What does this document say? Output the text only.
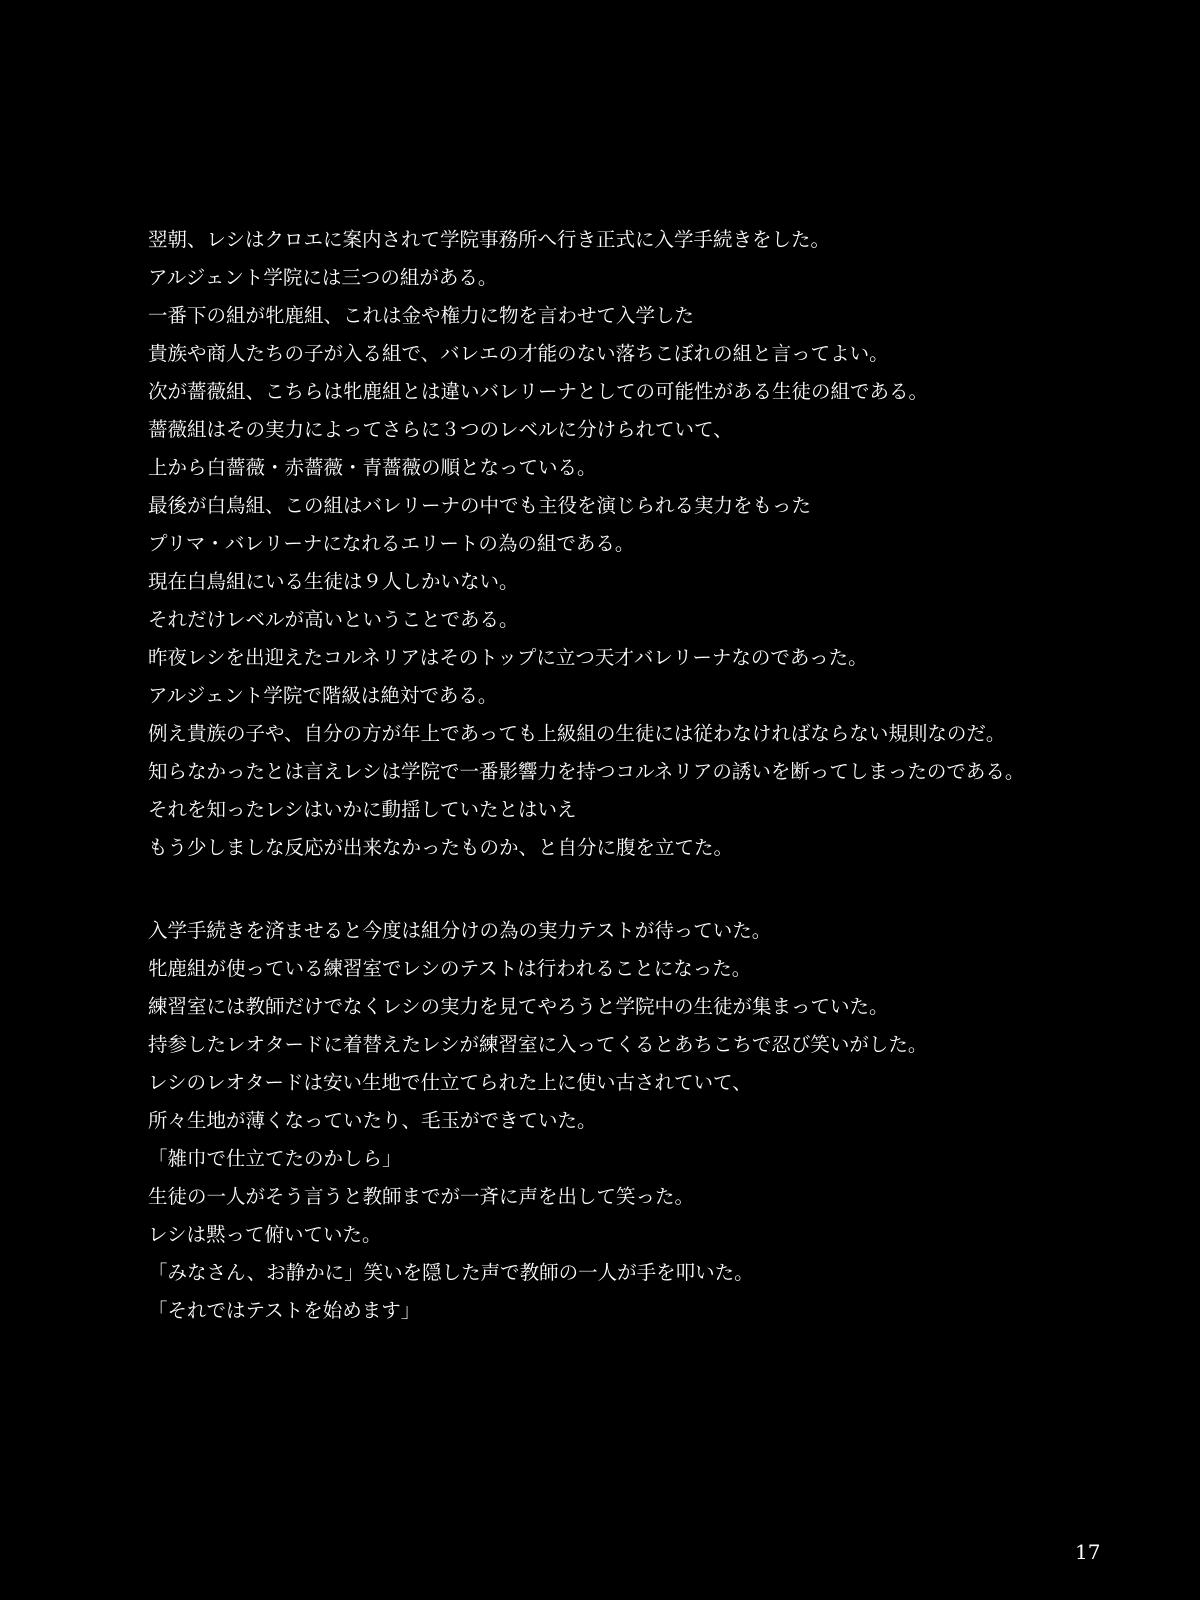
翌朝、レシはクロエに案内されて学院事務所へ行き正式に入学手続きをした。
アルジェント学院には三つの組がある。
一番下の組が牝鹿組、これは金や権力に物を言わせて入学した
貴族や商人たちの子が入る組で、バレエの才能のない落ちこぼれの組と言ってよい。
次が薔薇組、こちらは牝鹿組とは違いバレリーナとしての可能性がある生徒の組である。
薔薇組はその実力によってさらに３つのレベルに分けられていて、
上から白薔薇・赤薔薇・青薔薇の順となっている。
最後が白鳥組、この組はバレリーナの中でも主役を演じられる実力をもった
プリマ・バレリーナになれるエリートの為の組である。
現在白鳥組にいる生徒は９人しかいない。
それだけレベルが高いということである。
昨夜レシを出迎えたコルネリアはそのトップに立つ天才バレリーナなのであった。
アルジェント学院で階級は絶対である。
例え貴族の子や、自分の方が年上であっても上級組の生徒には従わなければならない規則なのだ。
知らなかったとは言えレシは学院で一番影響力を持つコルネリアの誘いを断ってしまったのである。
それを知ったレシはいかに動揺していたとはいえ
もう少しましな反応が出来なかったものか、と自分に腹を立てた。
入学手続きを済ませると今度は組分けの為の実力テストが待っていた。
牝鹿組が使っている練習室でレシのテストは行われることになった。
練習室には教師だけでなくレシの実力を見てやろうと学院中の生徒が集まっていた。
持参したレオタードに着替えたレシが練習室に入ってくるとあちこちで忍び笑いがした。
レシのレオタードは安い生地で仕立てられた上に使い古されていて、
所々生地が薄くなっていたり、毛玉ができていた。
「雑巾で仕立てたのかしら」
生徒の一人がそう言うと教師までが一斉に声を出して笑った。
レシは黙って俯いていた。
「みなさん、お静かに」笑いを隠した声で教師の一人が手を叩いた。
「それではテストを始めます」
17
